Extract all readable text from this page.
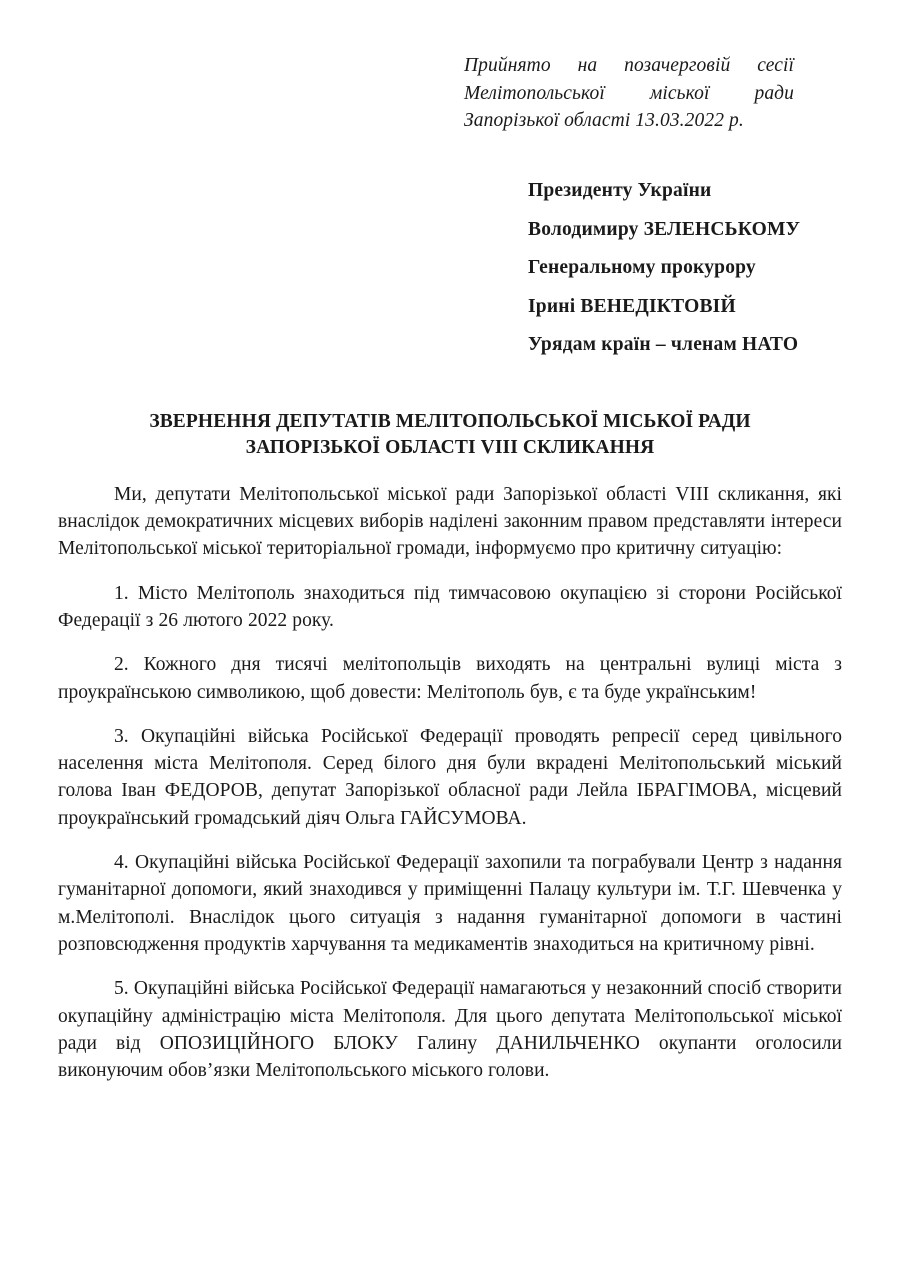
Прийнято на позачерговій сесії
Мелітопольської міської ради
Запорізької області 13.03.2022 р.
Президенту України
Володимиру ЗЕЛЕНСЬКОМУ
Генеральному прокурору
Ірині ВЕНЕДІКТОВІЙ
Урядам країн – членам НАТО
ЗВЕРНЕННЯ ДЕПУТАТІВ МЕЛІТОПОЛЬСЬКОЇ МІСЬКОЇ РАДИ
ЗАПОРІЗЬКОЇ ОБЛАСТІ VIII СКЛИКАННЯ

Ми, депутати Мелітопольської міської ради Запорізької області VIII скликання, які внаслідок демократичних місцевих виборів наділені законним правом представляти інтереси Мелітопольської міської територіальної громади, інформуємо про критичну ситуацію:

1. Місто Мелітополь знаходиться під тимчасовою окупацією зі сторони Російської Федерації з 26 лютого 2022 року.

2. Кожного дня тисячі мелітопольців виходять на центральні вулиці міста з проукраїнською символикою, щоб довести: Мелітополь був, є та буде українським!

3. Окупаційні війська Російської Федерації проводять репресії серед цивільного населення міста Мелітополя. Серед білого дня були вкрадені Мелітопольський міський голова Іван ФЕДОРОВ, депутат Запорізької обласної ради Лейла ІБРАГІМОВА, місцевий проукраїнський громадський діяч Ольга ГАЙСУМОВА.

4. Окупаційні війська Російської Федерації захопили та пограбували Центр з надання гуманітарної допомоги, який знаходився у приміщенні Палацу культури ім. Т.Г. Шевченка у м.Мелітополі. Внаслідок цього ситуація з надання гуманітарної допомоги в частині розповсюдження продуктів харчування та медикаментів знаходиться на критичному рівні.

5. Окупаційні війська Російської Федерації намагаються у незаконний спосіб створити окупаційну адміністрацію міста Мелітополя. Для цього депутата Мелітопольської міської ради від ОПОЗИЦІЙНОГО БЛОКУ Галину ДАНИЛЬЧЕНКО окупанти оголосили виконуючим обов’язки Мелітопольського міського голови.
